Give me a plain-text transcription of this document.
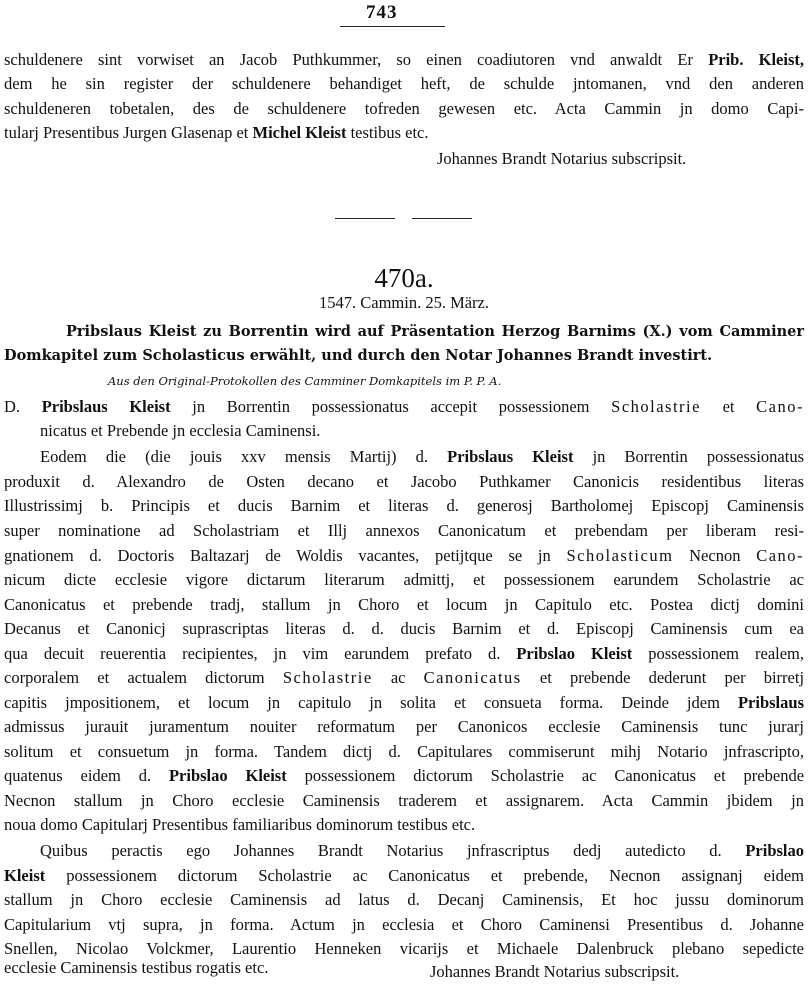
743
schuldenere sint vorwiset an Jacob Puthkummer, so einen coadiutoren vnd anwaldt Er Prib. Kleist,
dem he sin register der schuldenere behandiget heft, de schulde jntomanen, vnd den anderen
schuldeneren tobetalen, des de schuldenere tofreden gewesen etc. Acta Cammin jn domo Capi-
tularj Presentibus Jurgen Glasenap et Michel Kleist testibus etc.
Johannes Brandt Notarius subscripsit.
470a.
1547. Cammin. 25. März.
Pribslaus Kleist zu Borrentin wird auf Präsentation Herzog Barnims (X.) vom Camminer
Domkapitel zum Scholasticus erwählt, und durch den Notar Johannes Brandt investirt.
Aus den Original-Protokollen des Camminer Domkapitels im P. P. A.
D. Pribslaus Kleist jn Borrentin possessionatus accepit possessionem Scholastrie et Cano-
nicatus et Prebende jn ecclesia Caminensi.
Eodem die (die jouis xxv mensis Martij) d. Pribslaus Kleist jn Borrentin possessionatus
produxit d. Alexandro de Osten decano et Jacobo Puthkamer Canonicis residentibus literas
Illustrissimj b. Principis et ducis Barnim et literas d. generosj Bartholomej Episcopj Caminensis
super nominatione ad Scholastriam et Illj annexos Canonicatum et prebendam per liberam resi-
gnationem d. Doctoris Baltazarj de Woldis vacantes, petijtque se jn Scholasticum Necnon Cano-
nicum dicte ecclesie vigore dictarum literarum admittj, et possessionem earundem Scholastrie ac
Canonicatus et prebende tradj, stallum jn Choro et locum jn Capitulo etc. Postea dictj domini
Decanus et Canonicj suprascriptas literas d. d. ducis Barnim et d. Episcopj Caminensis cum ea
qua decuit reuerentia recipientes, jn vim earundem prefato d. Pribslao Kleist possessionem realem,
corporalem et actualem dictorum Scholastrie ac Canonicatus et prebende dederunt per birretj
capitis jmpositionem, et locum jn capitulo jn solita et consueta forma. Deinde jdem Pribslaus
admissus jurauit juramentum nouiter reformatum per Canonicos ecclesie Caminensis tunc jurarj
solitum et consuetum jn forma. Tandem dictj d. Capitulares commiserunt mihj Notario jnfrascripto,
quatenus eidem d. Pribslao Kleist possessionem dictorum Scholastrie ac Canonicatus et prebende
Necnon stallum jn Choro ecclesie Caminensis traderem et assignarem. Acta Cammin jbidem jn
noua domo Capitularj Presentibus familiaribus dominorum testibus etc.
Quibus peractis ego Johannes Brandt Notarius jnfrascriptus dedj autedicto d. Pribslao
Kleist possessionem dictorum Scholastrie ac Canonicatus et prebende, Necnon assignanj eidem
stallum jn Choro ecclesie Caminensis ad latus d. Decanj Caminensis, Et hoc jussu dominorum
Capitularium vtj supra, jn forma. Actum jn ecclesia et Choro Caminensi Presentibus d. Johanne
Snellen, Nicolao Volckmer, Laurentio Henneken vicarijs et Michaele Dalenbruck plebano sepedicte
ecclesie Caminensis testibus rogatis etc.	Johannes Brandt Notarius subscripsit.
